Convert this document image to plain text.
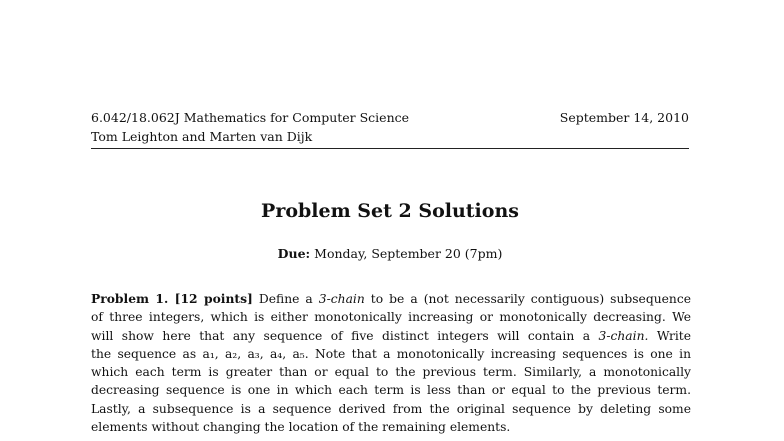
6.042/18.062J Mathematics for Computer Science	September 14, 2010
Tom Leighton and Marten van Dijk
Problem Set 2 Solutions
Due: Monday, September 20 (7pm)
Problem 1. [12 points] Define a 3-chain to be a (not necessarily contiguous) subsequence
of three integers, which is either monotonically increasing or monotonically decreasing. We
will show here that any sequence of five distinct integers will contain a 3-chain. Write
the sequence as a₁, a₂, a₃, a₄, a₅. Note that a monotonically increasing sequences is one in
which each term is greater than or equal to the previous term. Similarly, a monotonically
decreasing sequence is one in which each term is less than or equal to the previous term.
Lastly, a subsequence is a sequence derived from the original sequence by deleting some
elements without changing the location of the remaining elements.
